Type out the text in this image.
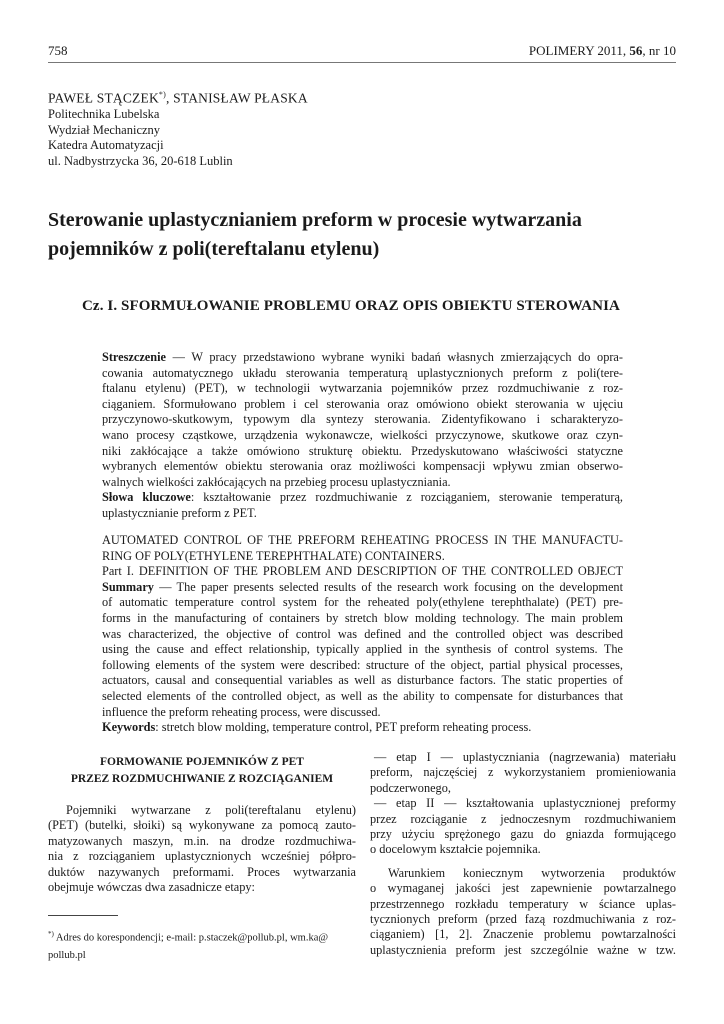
758	POLIMERY 2011, 56, nr 10
PAWEŁ STĄCZEK*), STANISŁAW PŁASKA
Politechnika Lubelska
Wydział Mechaniczny
Katedra Automatyzacji
ul. Nadbystrzycka 36, 20-618 Lublin
Sterowanie uplastycznianiem preform w procesie wytwarzania
pojemników z poli(tereftalanu etylenu)
Cz. I. SFORMUŁOWANIE PROBLEMU ORAZ OPIS OBIEKTU STEROWANIA
Streszczenie — W pracy przedstawiono wybrane wyniki badań własnych zmierzających do opra-
cowania automatycznego układu sterowania temperaturą uplastycznionych preform z poli(tere-
ftalanu etylenu) (PET), w technologii wytwarzania pojemników przez rozdmuchiwanie z roz-
ciąganiem. Sformułowano problem i cel sterowania oraz omówiono obiekt sterowania w ujęciu
przyczynowo-skutkowym, typowym dla syntezy sterowania. Zidentyfikowano i scharakteryzo-
wano procesy cząstkowe, urządzenia wykonawcze, wielkości przyczynowe, skutkowe oraz czyn-
niki zakłócające a także omówiono strukturę obiektu. Przedyskutowano właściwości statyczne
wybranych elementów obiektu sterowania oraz możliwości kompensacji wpływu zmian obserwo-
walnych wielkości zakłócających na przebieg procesu uplastyczniania.
Słowa kluczowe: kształtowanie przez rozdmuchiwanie z rozciąganiem, sterowanie temperaturą,
uplastycznianie preform z PET.
AUTOMATED CONTROL OF THE PREFORM REHEATING PROCESS IN THE MANUFACTU-
RING OF POLY(ETHYLENE TEREPHTHALATE) CONTAINERS.
Part I. DEFINITION OF THE PROBLEM AND DESCRIPTION OF THE CONTROLLED OBJECT
Summary — The paper presents selected results of the research work focusing on the development
of automatic temperature control system for the reheated poly(ethylene terephthalate) (PET) pre-
forms in the manufacturing of containers by stretch blow molding technology. The main problem
was characterized, the objective of control was defined and the controlled object was described
using the cause and effect relationship, typically applied in the synthesis of control systems. The
following elements of the system were described: structure of the object, partial physical processes,
actuators, causal and consequential variables as well as disturbance factors. The static properties of
selected elements of the controlled object, as well as the ability to compensate for disturbances that
influence the preform reheating process, were discussed.
Keywords: stretch blow molding, temperature control, PET preform reheating process.
FORMOWANIE POJEMNIKÓW Z PET
PRZEZ ROZDMUCHIWANIE Z ROZCIĄGANIEM
Pojemniki wytwarzane z poli(tereftalanu etylenu)
(PET) (butelki, słoiki) są wykonywane za pomocą zauto-
matyzowanych maszyn, m.in. na drodze rozdmuchiwa-
nia z rozciąganiem uplastycznionych wcześniej półpro-
duktów nazywanych preformami. Proces wytwarzania
obejmuje wówczas dwa zasadnicze etapy:
*) Adres do korespondencji; e-mail: p.staczek@pollub.pl, wm.ka@
pollub.pl
— etap I — uplastyczniania (nagrzewania) materiału
preform, najczęściej z wykorzystaniem promieniowania
podczerwonego,
— etap II — kształtowania uplastycznionej preformy
przez rozciąganie z jednoczesnym rozdmuchiwaniem
przy użyciu sprężonego gazu do gniazda formującego
o docelowym kształcie pojemnika.
Warunkiem koniecznym wytworzenia produktów
o wymaganej jakości jest zapewnienie powtarzalnego
przestrzennego rozkładu temperatury w ściance uplas-
tycznionych preform (przed fazą rozdmuchiwania z roz-
ciąganiem) [1, 2]. Znaczenie problemu powtarzalności
uplastycznienia preform jest szczególnie ważne w tzw.
